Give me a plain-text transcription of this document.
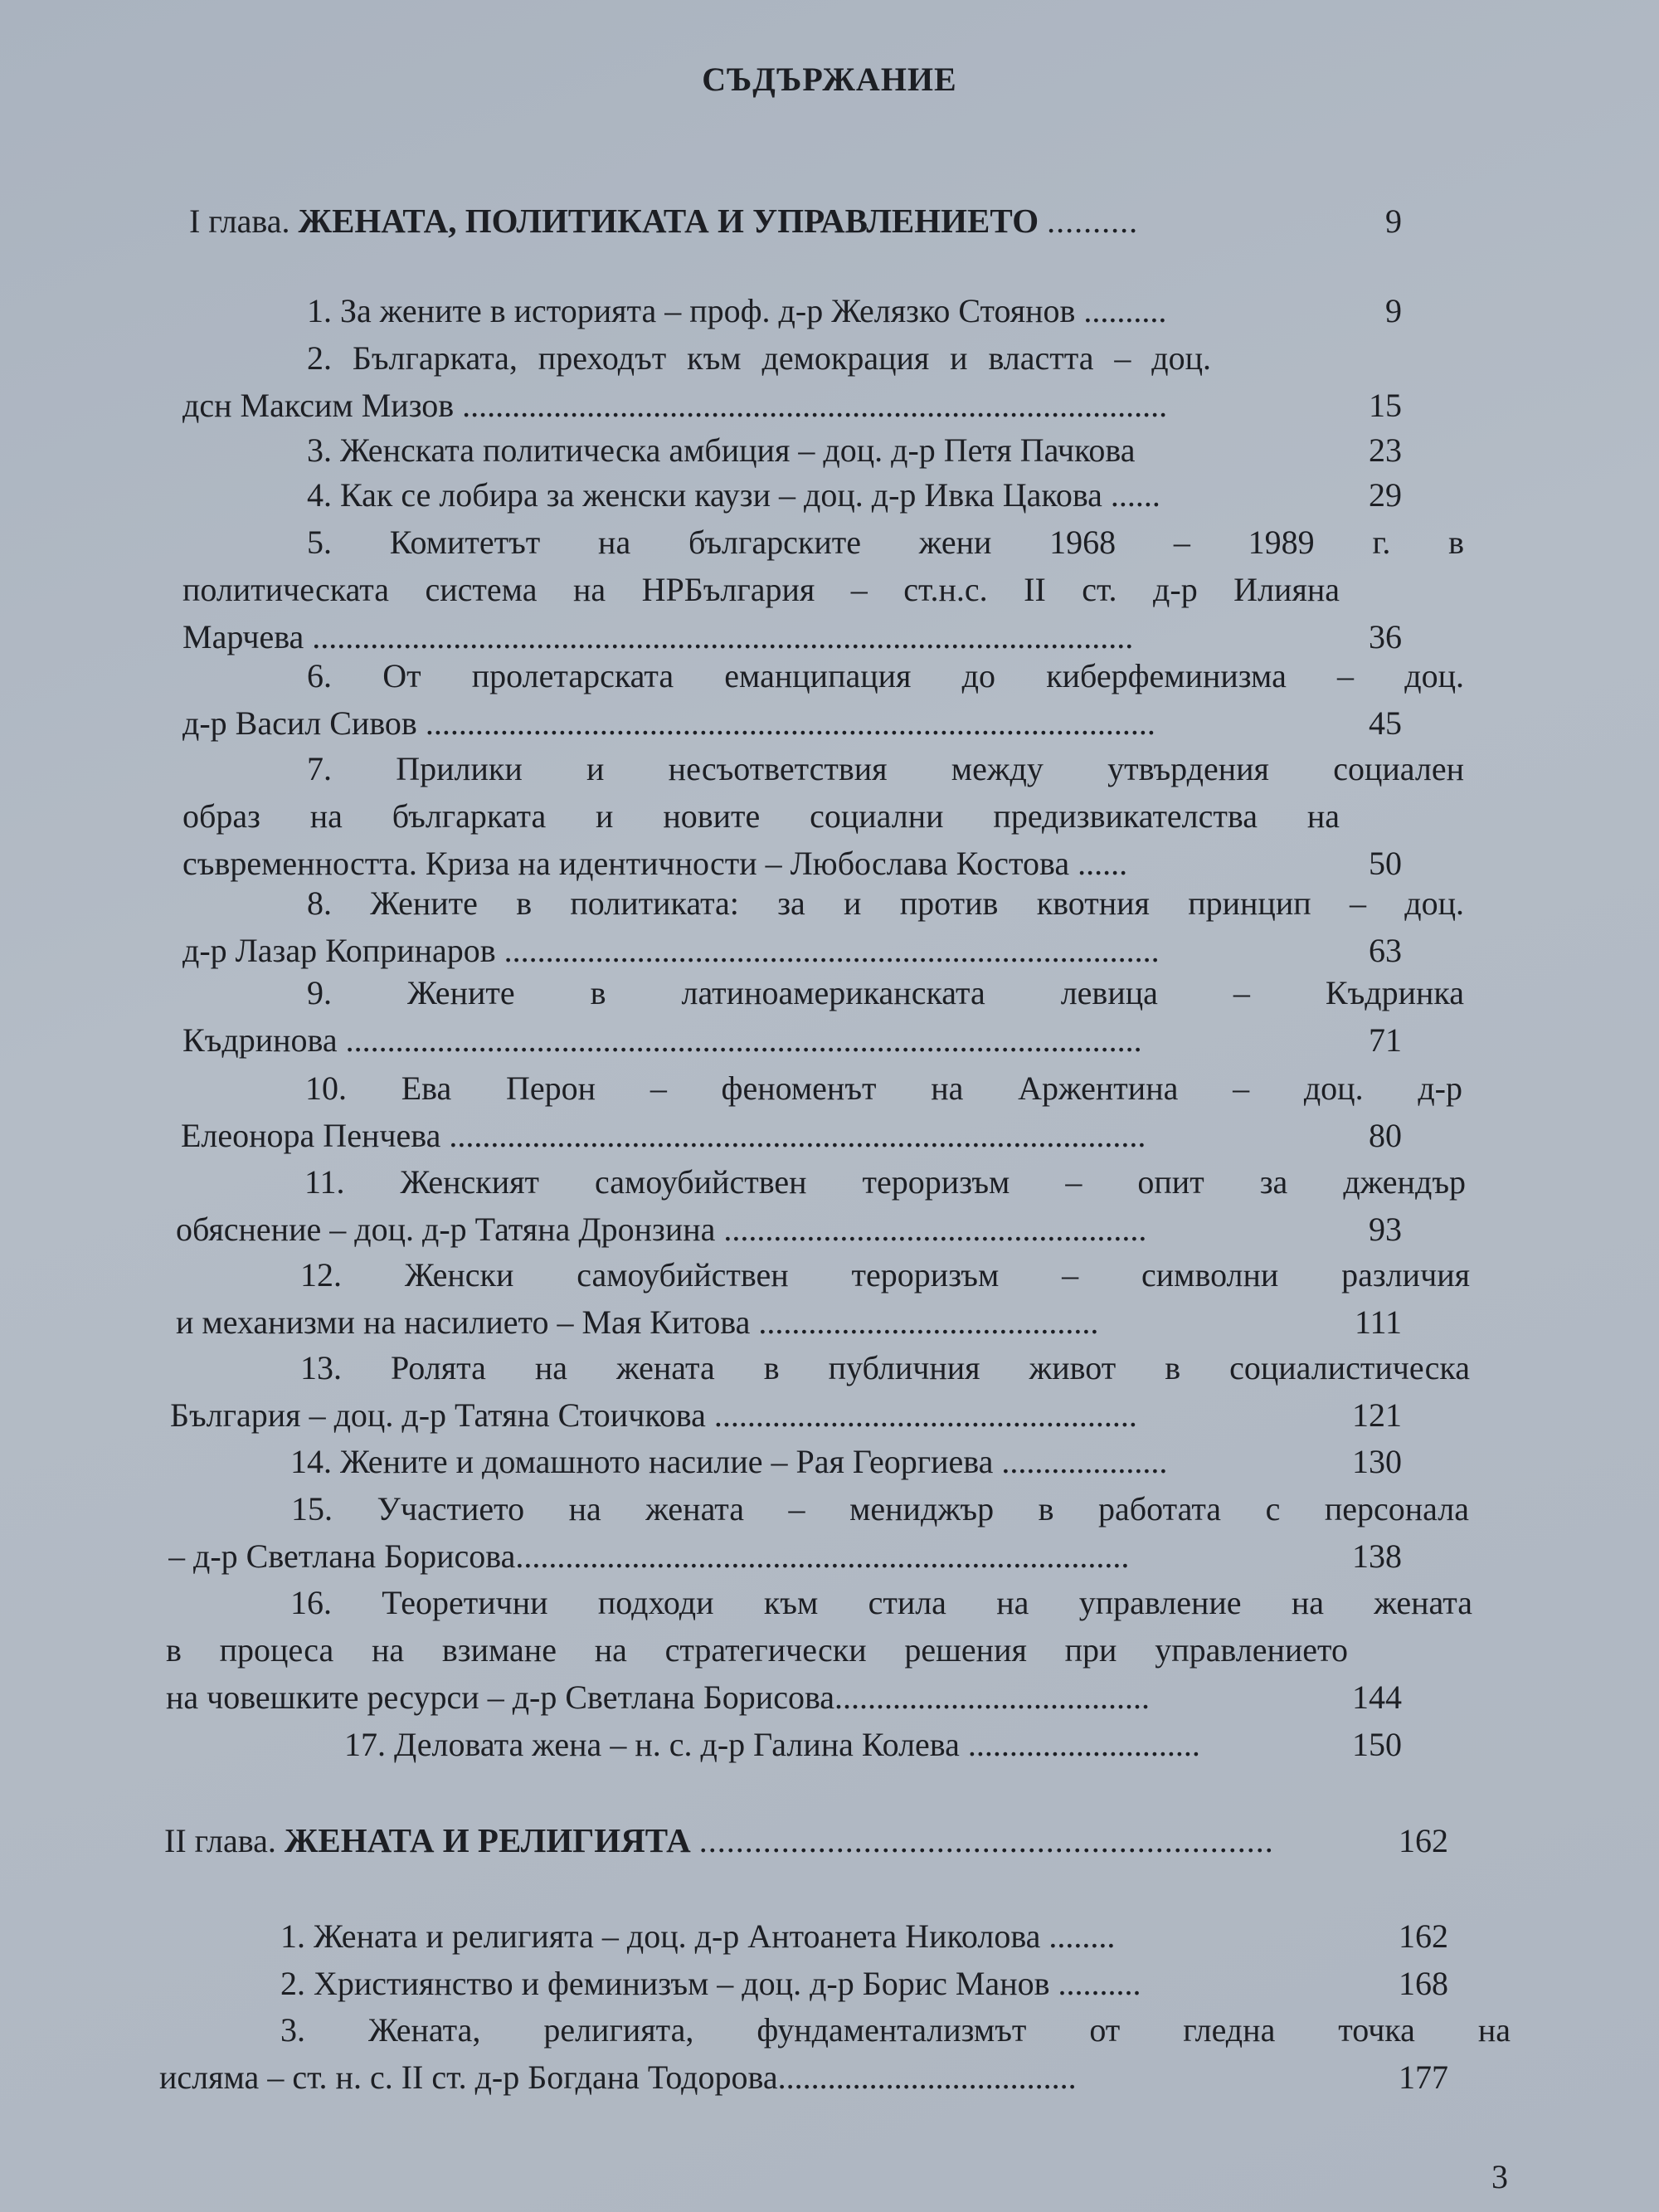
СЪДЪРЖАНИЕ
I глава. ЖЕНАТА, ПОЛИТИКАТА И УПРАВЛЕНИЕТО ..........	9
1. За жените в историята – проф. д-р Желязко Стоянов ..........	9
2. Българката, преходът към демокрация и властта – доц.
дсн Максим Мизов .....................................................................................	15
3. Женската политическа амбиция – доц. д-р Петя Пачкова	23
4. Как се лобира за женски каузи – доц. д-р Ивка Цакова ......	29
5. Комитетът на българските жени 1968 – 1989 г. в
политическата система на НРБългария – ст.н.с. II ст. д-р Илияна
Марчева ...................................................................................................	36
6. От пролетарската еманципация до киберфеминизма – доц.
д-р Васил Сивов ........................................................................................	45
7. Прилики и несъответствия между утвърдения социален
образ на българката и новите социални предизвикателства на
съвременността. Криза на идентичности – Любослава Костова ......	50
8. Жените в политиката: за и против квотния принцип – доц.
д-р Лазар Копринаров ...............................................................................	63
9. Жените в латиноамериканската левица – Къдринка
Къдринова ................................................................................................	71
10. Ева Перон – феноменът на Аржентина – доц. д-р
Елеонора Пенчева ....................................................................................	80
11. Женският самоубийствен тероризъм – опит за джендър
обяснение – доц. д-р Татяна Дронзина ...................................................	93
12. Женски самоубийствен тероризъм – символни различия
и механизми на насилието – Мая Китова .........................................	111
13. Ролята на жената в публичния живот в социалистическа
България – доц. д-р Татяна Стоичкова ...................................................	121
14. Жените и домашното насилие – Рая Георгиева ....................	130
15. Участието на жената – мениджър в работата с персонала
– д-р Светлана Борисова..........................................................................	138
16. Теоретични подходи към стила на управление на жената
в процеса на взимане на стратегически решения при управлението
на човешките ресурси – д-р Светлана Борисова......................................	144
17. Деловата жена – н. с. д-р Галина Колева ............................	150
II глава. ЖЕНАТА И РЕЛИГИЯТА ...............................................................	162
1. Жената и религията – доц. д-р Антоанета Николова ........	162
2. Християнство и феминизъм – доц. д-р Борис Манов ..........	168
3. Жената, религията, фундаментализмът от гледна точка на
исляма – ст. н. с. II ст. д-р Богдана Тодорова....................................	177
3
